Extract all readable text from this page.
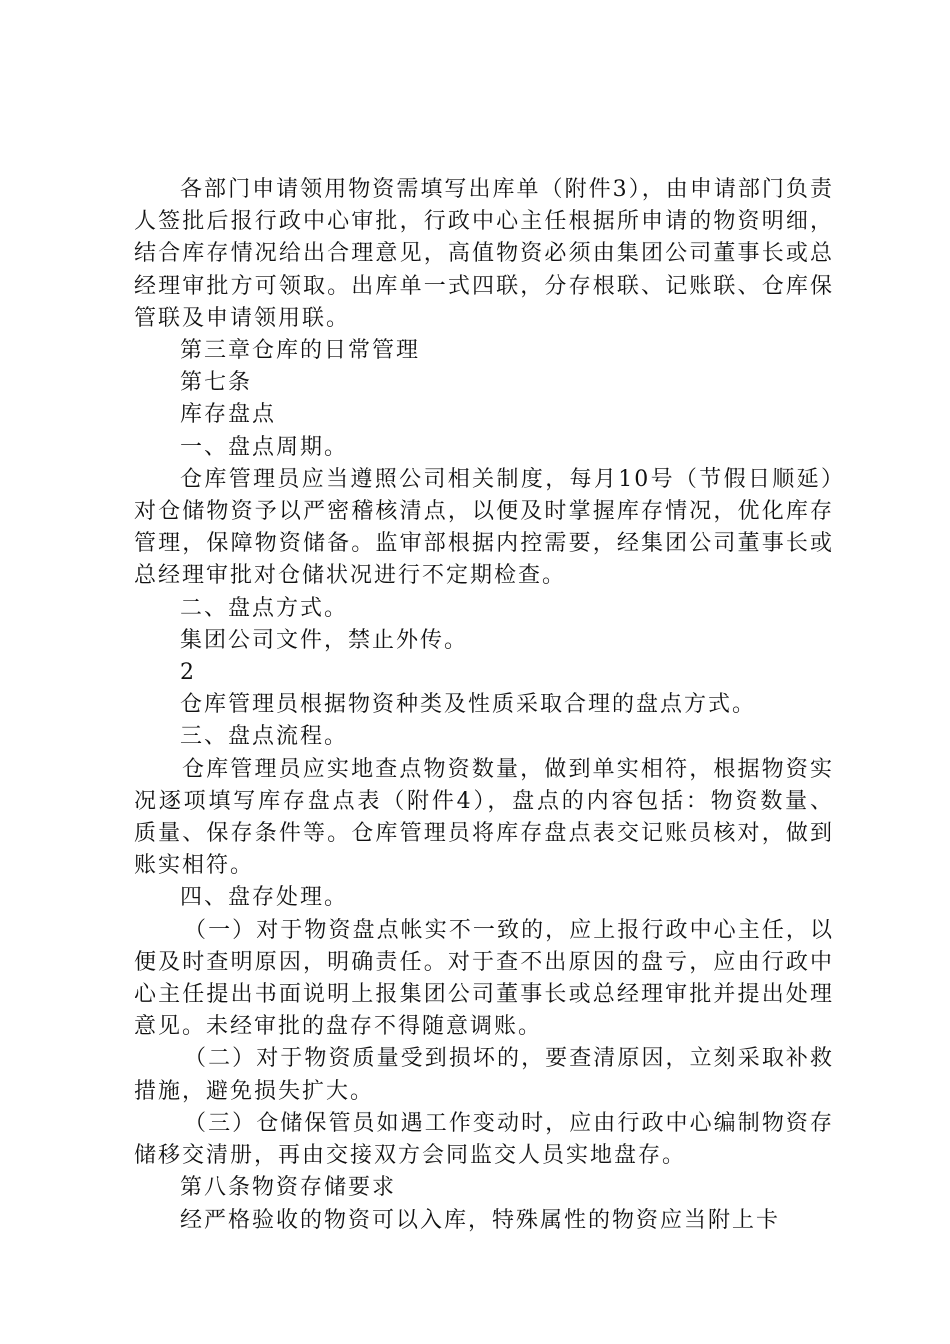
各部门申请领用物资需填写出库单（附件3），由申请部门负责人签批后报行政中心审批，行政中心主任根据所申请的物资明细，结合库存情况给出合理意见，高值物资必须由集团公司董事长或总经理审批方可领取。出库单一式四联，分存根联、记账联、仓库保管联及申请领用联。

第三章仓库的日常管理

第七条

库存盘点

一、盘点周期。

仓库管理员应当遵照公司相关制度，每月10号（节假日顺延）对仓储物资予以严密稽核清点，以便及时掌握库存情况，优化库存管理，保障物资储备。监审部根据内控需要，经集团公司董事长或总经理审批对仓储状况进行不定期检查。

二、盘点方式。

集团公司文件，禁止外传。

2

仓库管理员根据物资种类及性质采取合理的盘点方式。

三、盘点流程。

仓库管理员应实地查点物资数量，做到单实相符，根据物资实况逐项填写库存盘点表（附件4），盘点的内容包括：物资数量、质量、保存条件等。仓库管理员将库存盘点表交记账员核对，做到账实相符。

四、盘存处理。

（一）对于物资盘点帐实不一致的，应上报行政中心主任，以便及时查明原因，明确责任。对于查不出原因的盘亏，应由行政中心主任提出书面说明上报集团公司董事长或总经理审批并提出处理意见。未经审批的盘存不得随意调账。

（二）对于物资质量受到损坏的，要查清原因，立刻采取补救措施，避免损失扩大。

（三）仓储保管员如遇工作变动时，应由行政中心编制物资存储移交清册，再由交接双方会同监交人员实地盘存。

第八条物资存储要求

经严格验收的物资可以入库，特殊属性的物资应当附上卡
